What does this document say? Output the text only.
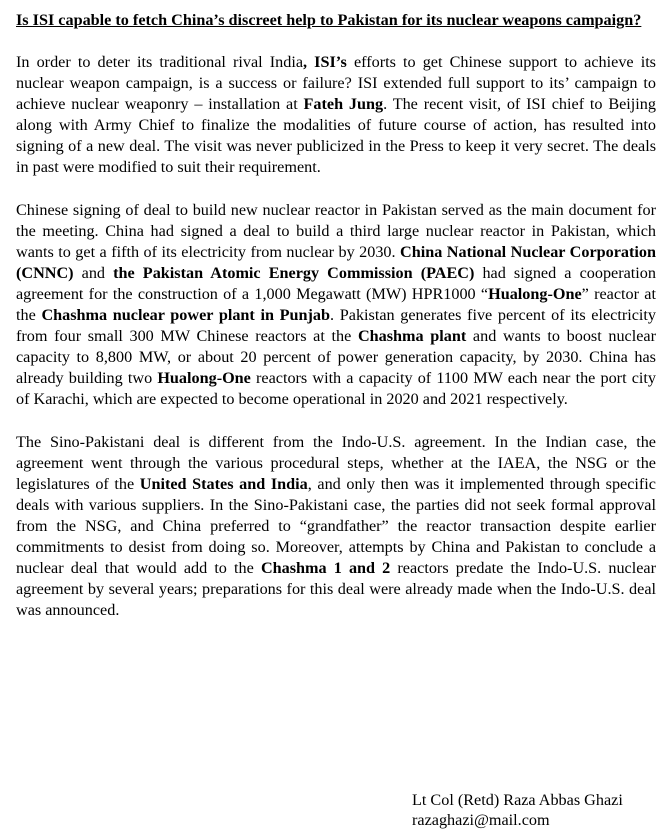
Is ISI capable to fetch China’s discreet help to Pakistan for its nuclear weapons campaign?
In order to deter its traditional rival India, ISI’s efforts to get Chinese support to achieve its nuclear weapon campaign, is a success or failure? ISI extended full support to its’ campaign to achieve nuclear weaponry – installation at Fateh Jung. The recent visit, of ISI chief to Beijing along with Army Chief to finalize the modalities of future course of action, has resulted into signing of a new deal. The visit was never publicized in the Press to keep it very secret. The deals in past were modified to suit their requirement.
Chinese signing of deal to build new nuclear reactor in Pakistan served as the main document for the meeting. China had signed a deal to build a third large nuclear reactor in Pakistan, which wants to get a fifth of its electricity from nuclear by 2030. China National Nuclear Corporation (CNNC) and the Pakistan Atomic Energy Commission (PAEC) had signed a cooperation agreement for the construction of a 1,000 Megawatt (MW) HPR1000 “Hualong-One” reactor at the Chashma nuclear power plant in Punjab. Pakistan generates five percent of its electricity from four small 300 MW Chinese reactors at the Chashma plant and wants to boost nuclear capacity to 8,800 MW, or about 20 percent of power generation capacity, by 2030. China has already building two Hualong-One reactors with a capacity of 1100 MW each near the port city of Karachi, which are expected to become operational in 2020 and 2021 respectively.
The Sino-Pakistani deal is different from the Indo-U.S. agreement. In the Indian case, the agreement went through the various procedural steps, whether at the IAEA, the NSG or the legislatures of the United States and India, and only then was it implemented through specific deals with various suppliers. In the Sino-Pakistani case, the parties did not seek formal approval from the NSG, and China preferred to “grandfather” the reactor transaction despite earlier commitments to desist from doing so. Moreover, attempts by China and Pakistan to conclude a nuclear deal that would add to the Chashma 1 and 2 reactors predate the Indo-U.S. nuclear agreement by several years; preparations for this deal were already made when the Indo-U.S. deal was announced.
Lt Col (Retd) Raza Abbas Ghazi
razaghazi@mail.com
